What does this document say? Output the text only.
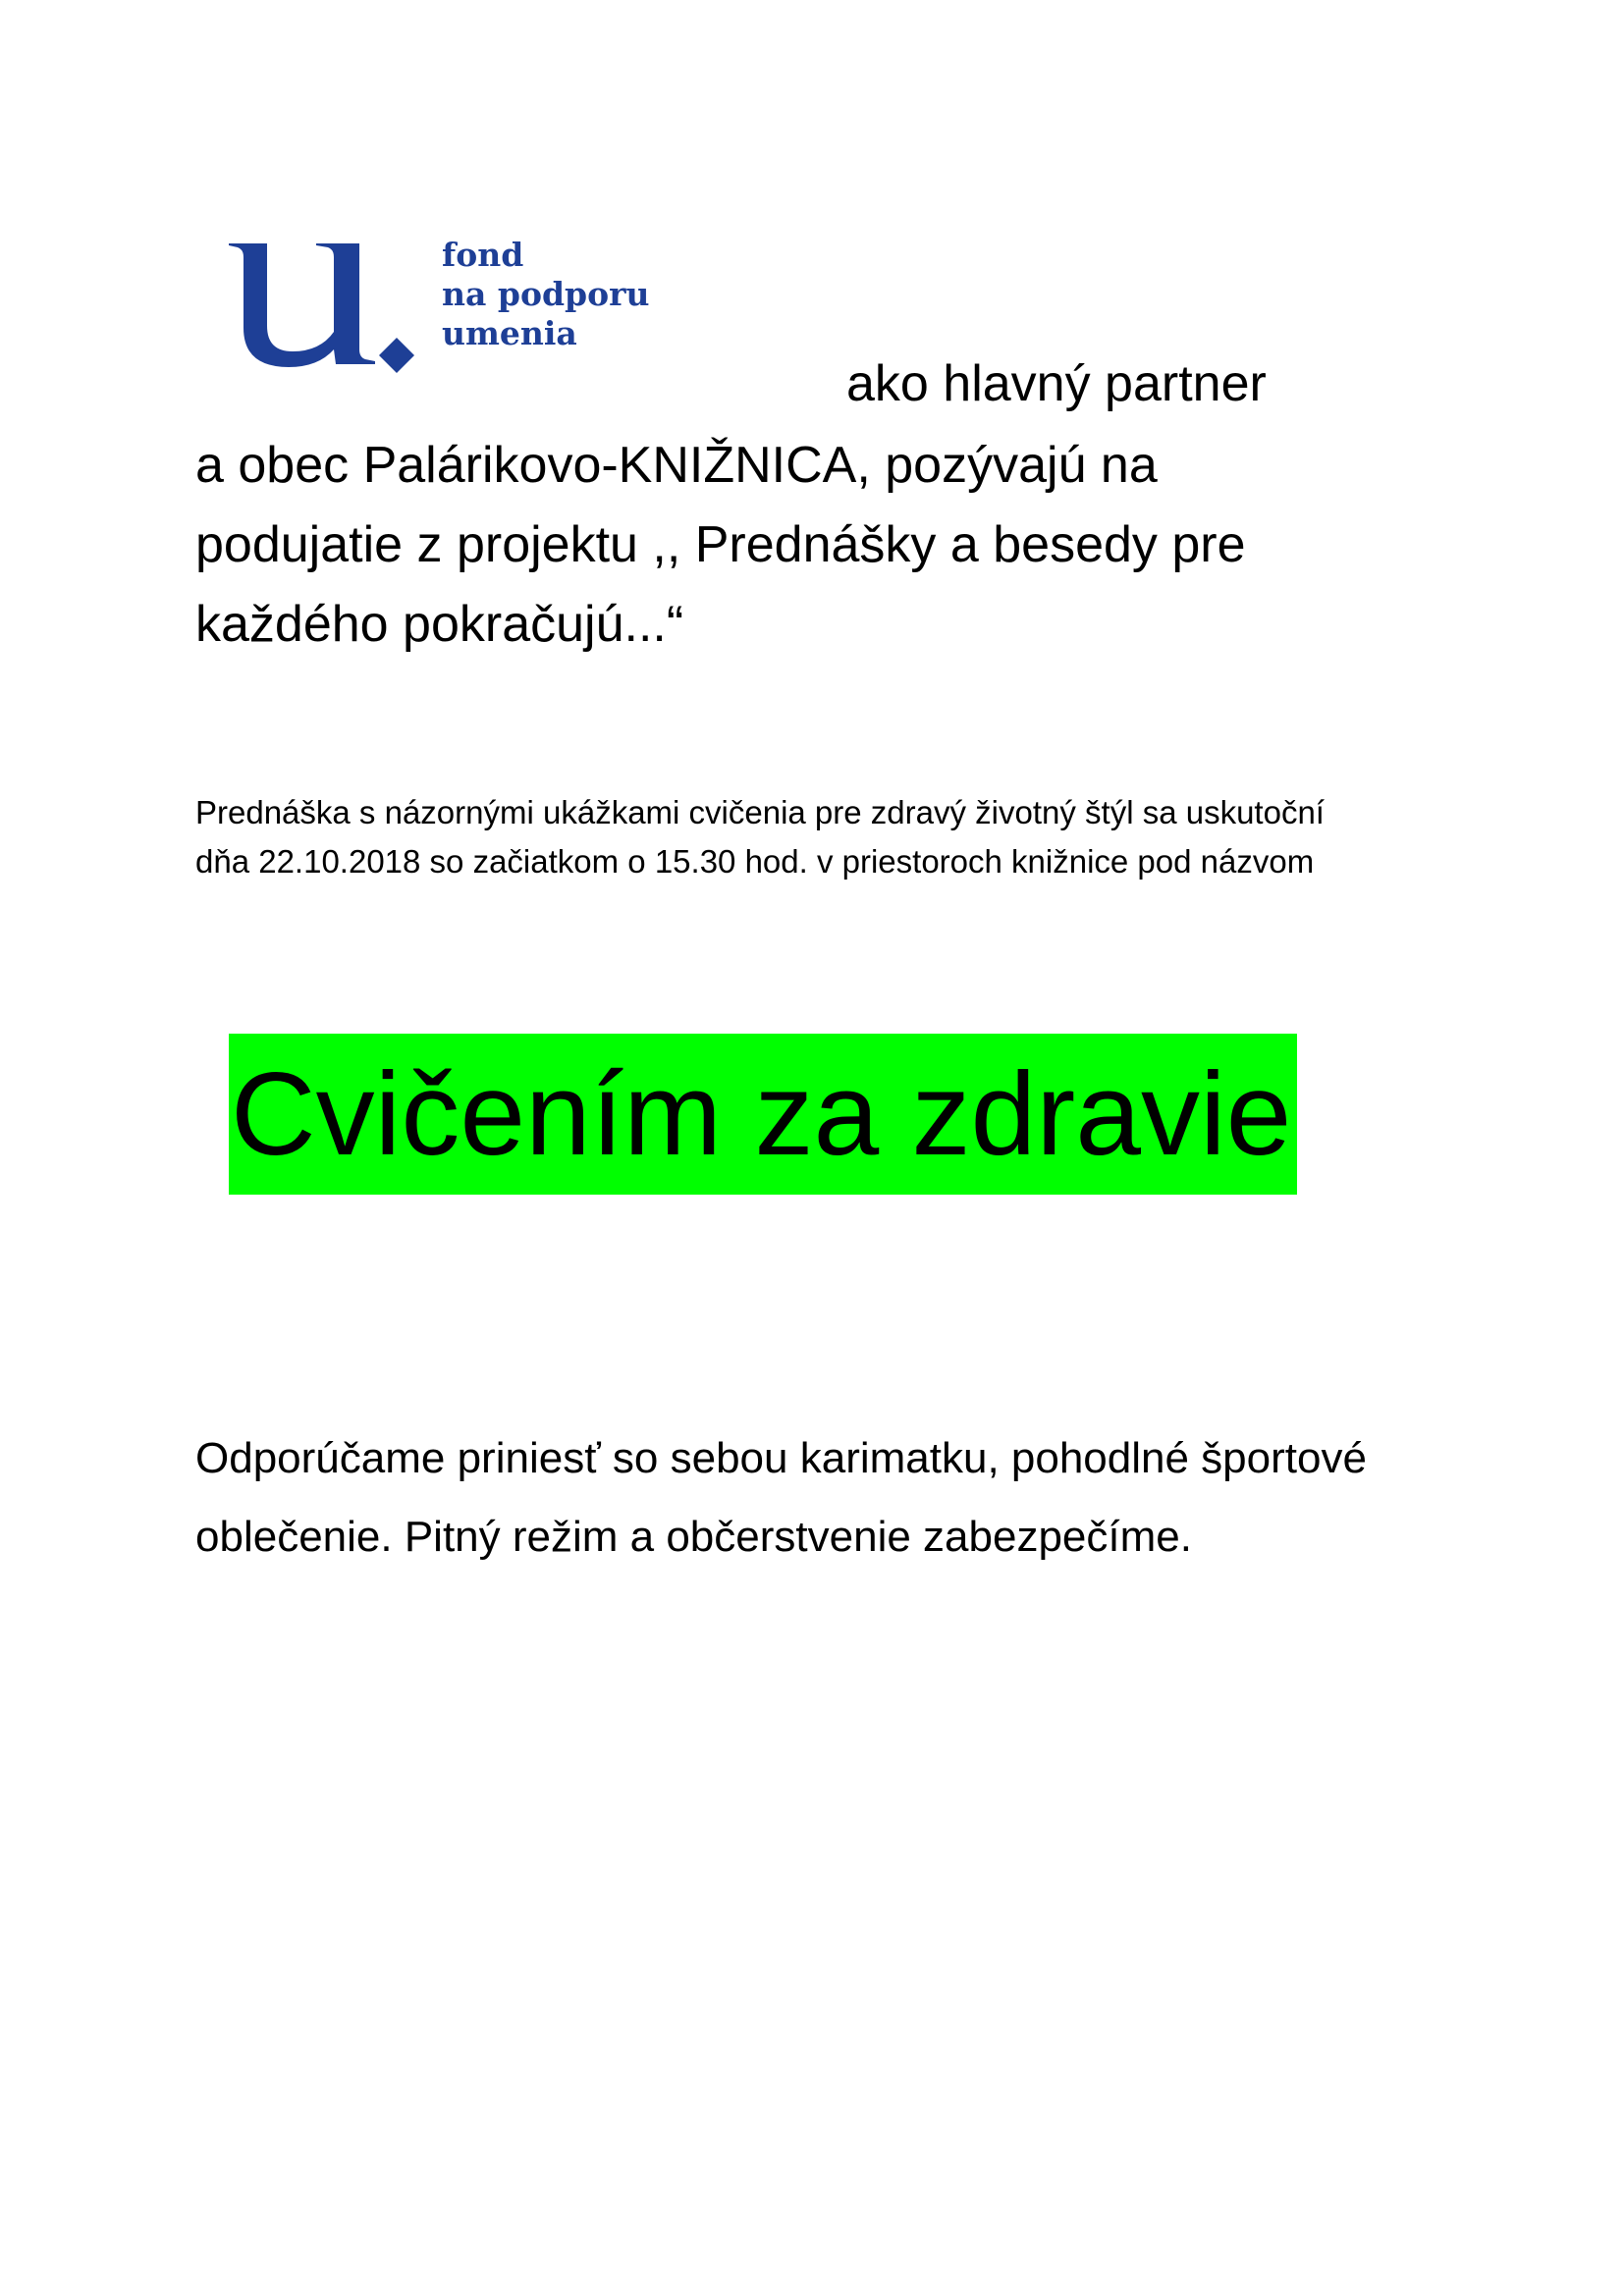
fond
na podporu
umenia
ako hlavný partner
a obec Palárikovo-KNIŽNICA, pozývajú na
podujatie z projektu ,, Prednášky a besedy pre
každého pokračujú...“
Prednáška s názornými ukážkami cvičenia pre zdravý životný štýl sa uskutoční
dňa 22.10.2018 so začiatkom o 15.30 hod. v priestoroch knižnice pod názvom
Cvičením za zdravie
Odporúčame priniesť so sebou karimatku, pohodlné športové
oblečenie. Pitný režim a občerstvenie zabezpečíme.
